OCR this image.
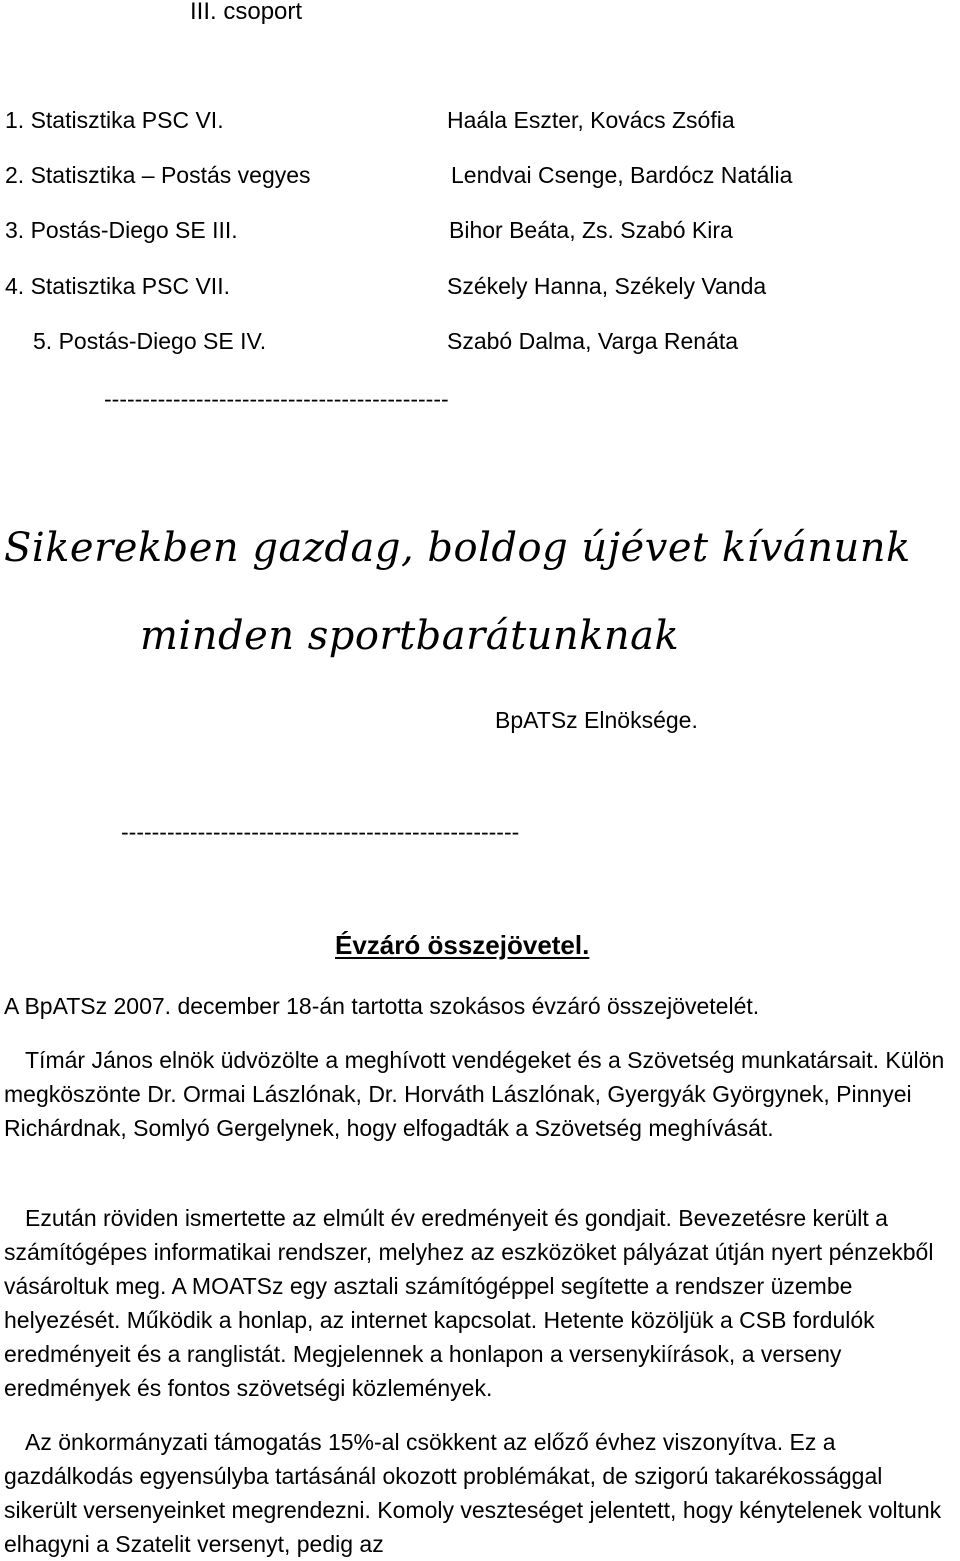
III. csoport
1. Statisztika PSC VI.	Haála Eszter, Kovács Zsófia
2. Statisztika – Postás vegyes	Lendvai Csenge, Bardócz Natália
3. Postás-Diego SE III.	Bihor Beáta, Zs. Szabó Kira
4. Statisztika PSC VII.	Székely Hanna, Székely Vanda
5. Postás-Diego SE IV.	Szabó Dalma, Varga Renáta
---------------------------------------------
Sikerekben gazdag, boldog újévet kívánunk
minden sportbarátunknak
BpATSz Elnöksége.
----------------------------------------------------
Évzáró összejövetel.
A BpATSz 2007. december 18-án tartotta szokásos évzáró összejövetelét.
Tímár János elnök üdvözölte a meghívott vendégeket és a Szövetség munkatársait. Külön megköszönte Dr. Ormai Lászlónak, Dr. Horváth Lászlónak, Gyergyák Györgynek, Pinnyei Richárdnak, Somlyó Gergelynek, hogy elfogadták a Szövetség meghívását.
Ezután röviden ismertette az elmúlt év eredményeit és gondjait. Bevezetésre került a számítógépes informatikai rendszer, melyhez az eszközöket pályázat útján nyert pénzekből vásároltuk meg. A MOATSz egy asztali számítógéppel segítette a rendszer üzembe helyezését. Működik a honlap, az internet kapcsolat. Hetente közöljük a CSB fordulók eredményeit és a ranglistát. Megjelennek a honlapon a versenykiírások, a verseny eredmények és fontos szövetségi közlemények.
Az önkormányzati támogatás 15%-al csökkent az előző évhez viszonyítva. Ez a gazdálkodás egyensúlyba tartásánál okozott problémákat, de szigorú takarékossággal sikerült versenyeinket megrendezni. Komoly veszteséget jelentett, hogy kénytelenek voltunk elhagyni a Szatelit versenyt, pedig az
